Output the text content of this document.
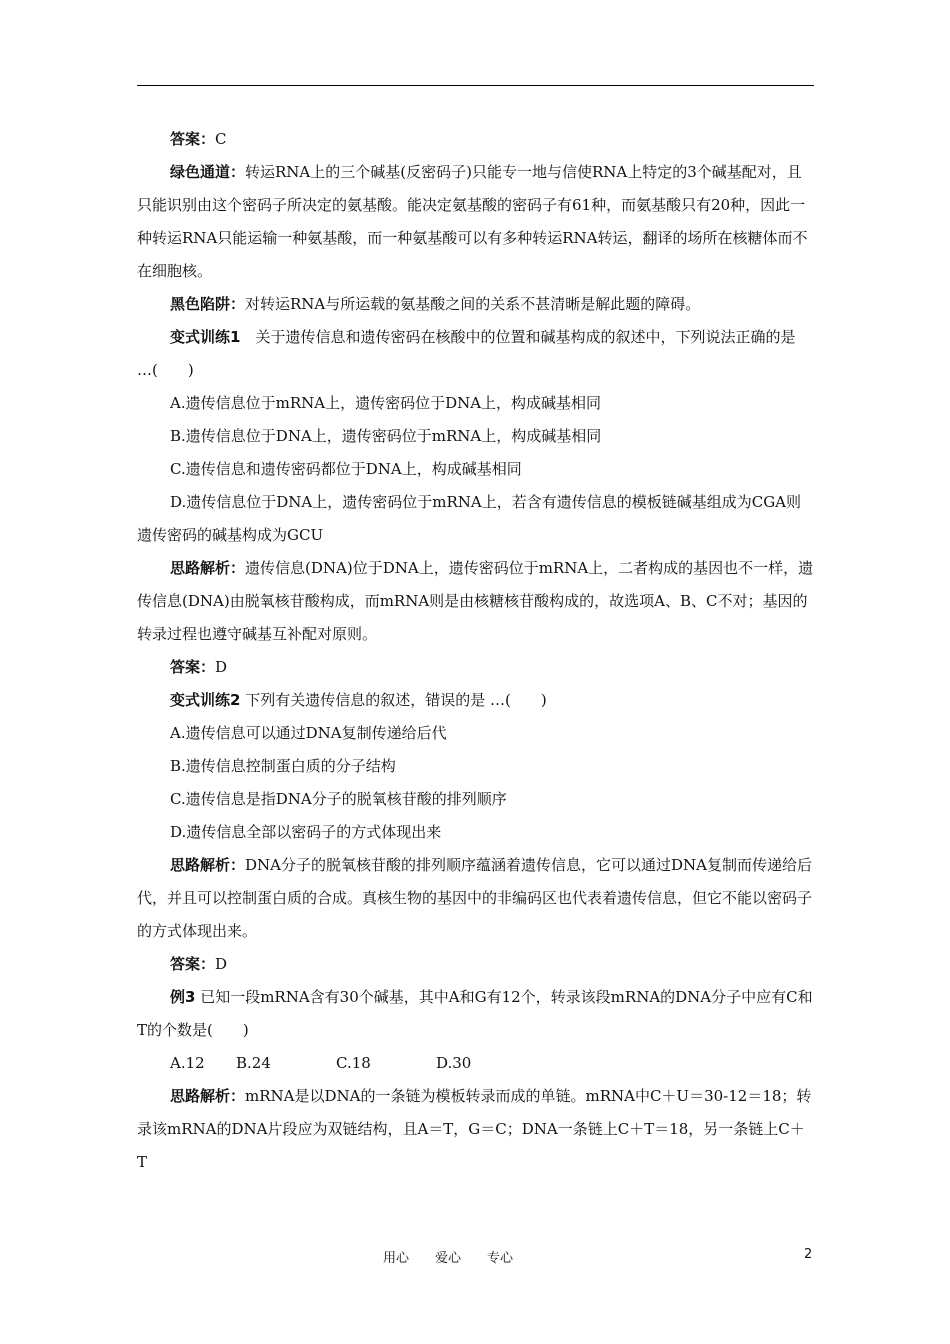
答案：C

绿色通道：转运RNA上的三个碱基(反密码子)只能专一地与信使RNA上特定的3个碱基配对，且只能识别由这个密码子所决定的氨基酸。能决定氨基酸的密码子有61种，而氨基酸只有20种，因此一种转运RNA只能运输一种氨基酸，而一种氨基酸可以有多种转运RNA转运，翻译的场所在核糖体而不在细胞核。

黑色陷阱：对转运RNA与所运载的氨基酸之间的关系不甚清晰是解此题的障碍。

变式训练1　关于遗传信息和遗传密码在核酸中的位置和碱基构成的叙述中，下列说法正确的是 …(　　)

A.遗传信息位于mRNA上，遗传密码位于DNA上，构成碱基相同

B.遗传信息位于DNA上，遗传密码位于mRNA上，构成碱基相同

C.遗传信息和遗传密码都位于DNA上，构成碱基相同

D.遗传信息位于DNA上，遗传密码位于mRNA上，若含有遗传信息的模板链碱基组成为CGA则遗传密码的碱基构成为GCU

思路解析：遗传信息(DNA)位于DNA上，遗传密码位于mRNA上，二者构成的基因也不一样，遗传信息(DNA)由脱氧核苷酸构成，而mRNA则是由核糖核苷酸构成的，故选项A、B、C不对；基因的转录过程也遵守碱基互补配对原则。

答案：D

变式训练2 下列有关遗传信息的叙述，错误的是 …(　　)

A.遗传信息可以通过DNA复制传递给后代

B.遗传信息控制蛋白质的分子结构

C.遗传信息是指DNA分子的脱氧核苷酸的排列顺序

D.遗传信息全部以密码子的方式体现出来

思路解析：DNA分子的脱氧核苷酸的排列顺序蕴涵着遗传信息，它可以通过DNA复制而传递给后代，并且可以控制蛋白质的合成。真核生物的基因中的非编码区也代表着遗传信息，但它不能以密码子的方式体现出来。

答案：D

例3 已知一段mRNA含有30个碱基，其中A和G有12个，转录该段mRNA的DNA分子中应有C和T的个数是(　　)

A.12 B.24	C.18	D.30

思路解析：mRNA是以DNA的一条链为模板转录而成的单链。mRNA中C＋U＝30-12＝18；转录该mRNA的DNA片段应为双链结构，且A＝T，G＝C；DNA一条链上C＋T＝18，另一条链上C＋T

用心　　爱心　　专心	2
